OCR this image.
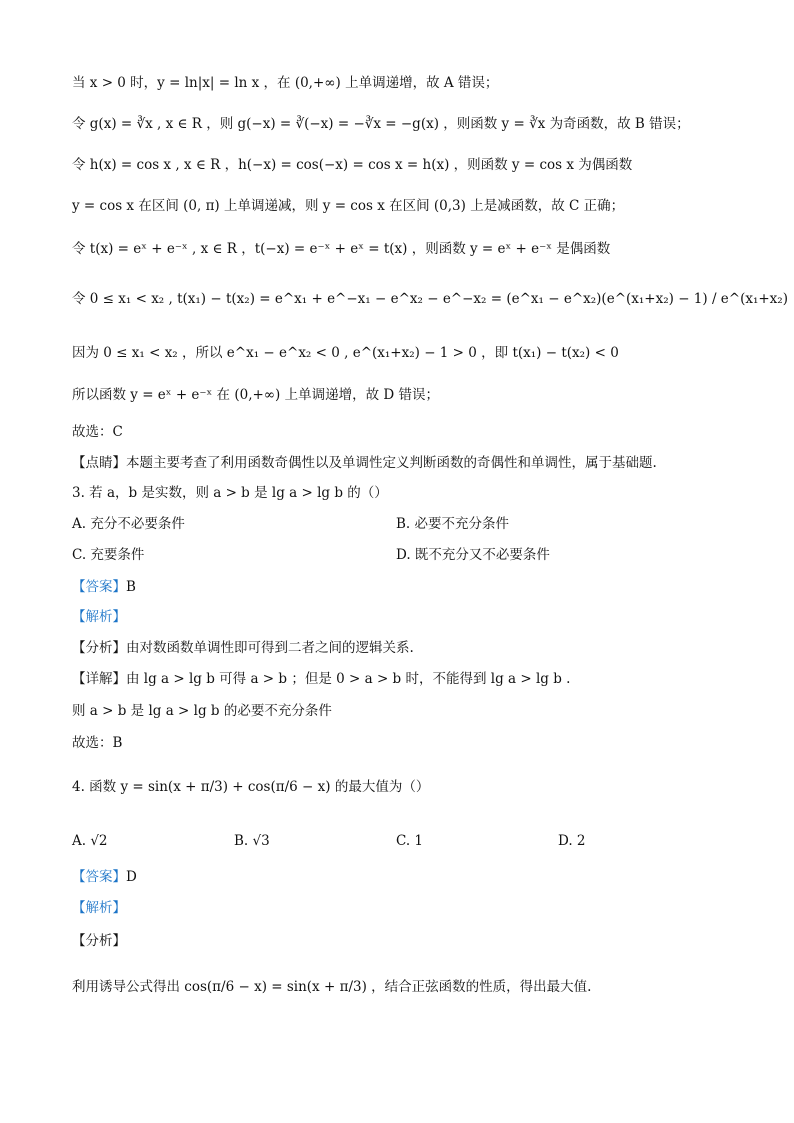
当 x > 0 时，y = ln|x| = ln x ，在 (0,+∞) 上单调递增，故 A 错误；
令 g(x) = ∛x , x ∈ R ，则 g(−x) = ∛(−x) = −∛x = −g(x) ，则函数 y = ∛x 为奇函数，故 B 错误；
令 h(x) = cos x , x ∈ R ，h(−x) = cos(−x) = cos x = h(x) ，则函数 y = cos x 为偶函数
y = cos x 在区间 (0, π) 上单调递减，则 y = cos x 在区间 (0,3) 上是减函数，故 C 正确；
令 t(x) = eˣ + e⁻ˣ , x ∈ R ，t(−x) = e⁻ˣ + eˣ = t(x) ，则函数 y = eˣ + e⁻ˣ 是偶函数
令 0 ≤ x₁ < x₂ , t(x₁) − t(x₂) = e^x₁ + e^−x₁ − e^x₂ − e^−x₂ = (e^x₁ − e^x₂)(e^(x₁+x₂) − 1) / e^(x₁+x₂)
因为 0 ≤ x₁ < x₂ ，所以 e^x₁ − e^x₂ < 0 , e^(x₁+x₂) − 1 > 0 ，即 t(x₁) − t(x₂) < 0
所以函数 y = eˣ + e⁻ˣ 在 (0,+∞) 上单调递增，故 D 错误；
故选：C
【点睛】本题主要考查了利用函数奇偶性以及单调性定义判断函数的奇偶性和单调性，属于基础题.
3. 若 a，b 是实数，则 a > b 是 lg a > lg b 的（）
【答案】B
【解析】
【分析】由对数函数单调性即可得到二者之间的逻辑关系.
【详解】由 lg a > lg b 可得 a > b ；但是 0 > a > b 时，不能得到 lg a > lg b .
则 a > b 是 lg a > lg b 的必要不充分条件
故选：B
4. 函数 y = sin(x + π/3) + cos(π/6 − x) 的最大值为（）
【答案】D
【解析】
【分析】
利用诱导公式得出 cos(π/6 − x) = sin(x + π/3) ，结合正弦函数的性质，得出最大值.
A. 充分不必要条件	B. 必要不充分条件
C. 充要条件	D. 既不充分又不必要条件
A. √2	B. √3	C. 1	D. 2
